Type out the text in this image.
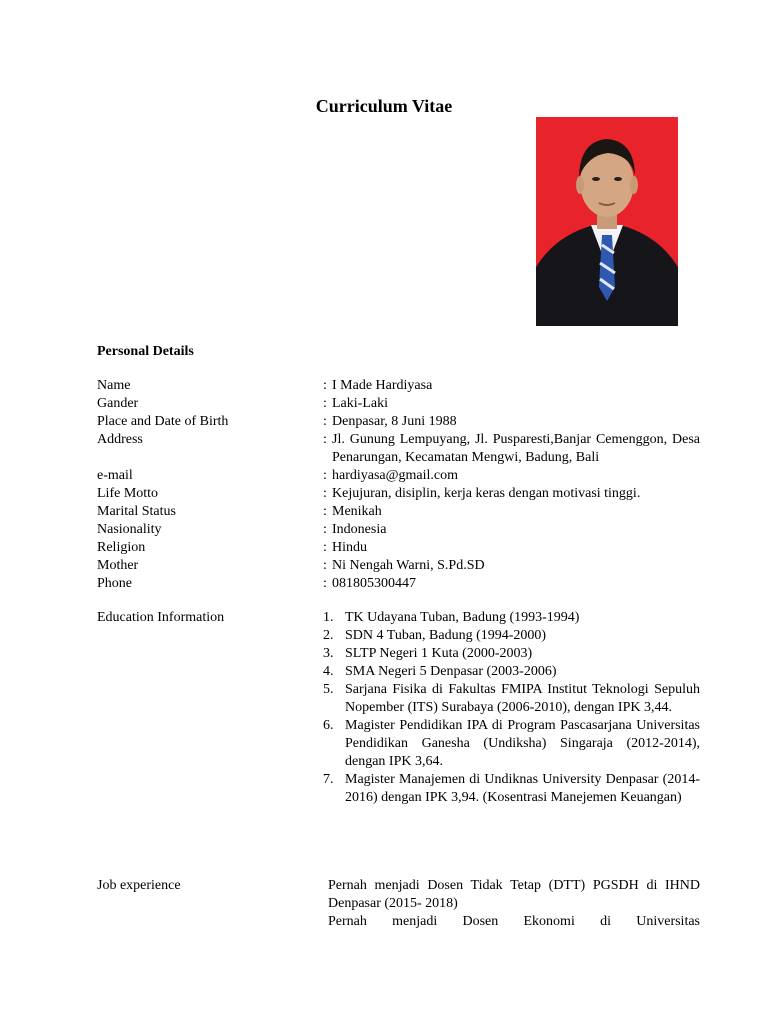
Curriculum Vitae
Personal Details
Name	: I Made Hardiyasa
Gander	: Laki-Laki
Place and Date of Birth	: Denpasar, 8 Juni 1988
Address	: Jl. Gunung Lempuyang, Jl. Pusparesti,Banjar Cemenggon, Desa Penarungan, Kecamatan Mengwi, Badung, Bali
e-mail	: hardiyasa@gmail.com
Life Motto	: Kejujuran, disiplin, kerja keras dengan motivasi tinggi.
Marital Status	: Menikah
Nasionality	: Indonesia
Religion	: Hindu
Mother	: Ni Nengah Warni, S.Pd.SD
Phone	: 081805300447
Education Information	1. TK Udayana Tuban, Badung (1993-1994)
2. SDN 4 Tuban, Badung (1994-2000)
3. SLTP Negeri 1 Kuta (2000-2003)
4. SMA Negeri 5 Denpasar (2003-2006)
5. Sarjana Fisika di Fakultas FMIPA Institut Teknologi Sepuluh Nopember (ITS) Surabaya (2006-2010), dengan IPK 3,44.
6. Magister Pendidikan IPA di Program Pascasarjana Universitas Pendidikan Ganesha (Undiksha) Singaraja (2012-2014), dengan IPK 3,64.
7. Magister Manajemen di Undiknas University Denpasar (2014-2016) dengan IPK 3,94. (Kosentrasi Manejemen Keuangan)
Job experience	Pernah menjadi Dosen Tidak Tetap (DTT) PGSDH di IHND Denpasar (2015- 2018)
Pernah menjadi Dosen Ekonomi di Universitas
